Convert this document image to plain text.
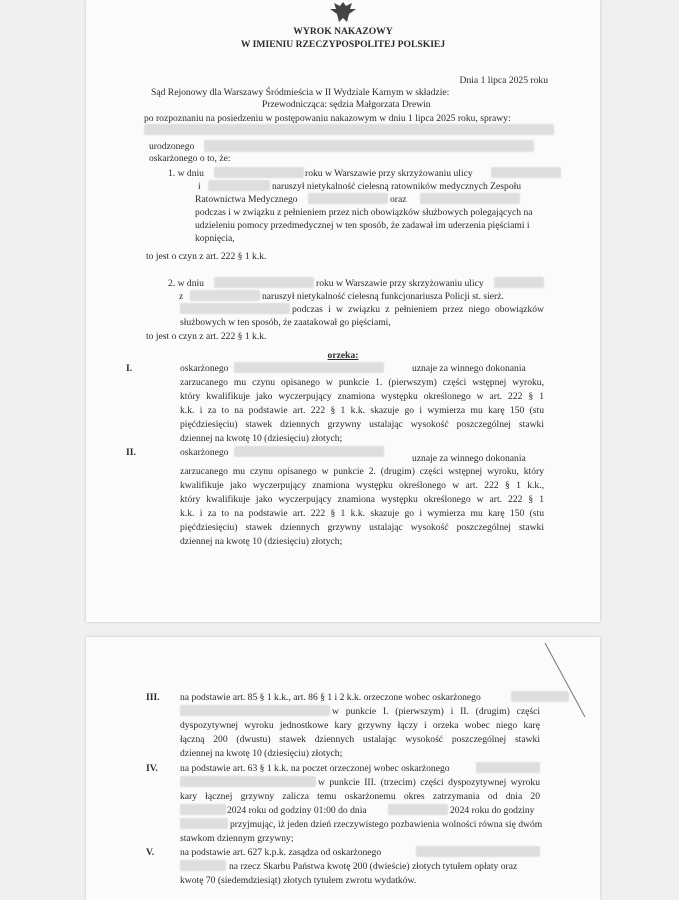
WYROK NAKAZOWY
W IMIENIU RZECZYPOSPOLITEJ POLSKIEJ
Dnia 1 lipca 2025 roku
Sąd Rejonowy dla Warszawy Śródmieścia w II Wydziale Karnym w składzie:
Przewodnicząca: sędzia Małgorzata Drewin
po rozpoznaniu na posiedzeniu w postępowaniu nakazowym w dniu 1 lipca 2025 roku, sprawy:
urodzonego
oskarżonego o to, że:
1. w dniu	roku w Warszawie przy skrzyżowaniu ulicy
i	naruszył nietykalność cielesną ratowników medycznych Zespołu
Ratownictwa Medycznego	oraz
podczas i w związku z pełnieniem przez nich obowiązków służbowych polegających na
udzieleniu pomocy przedmedycznej w ten sposób, że zadawał im uderzenia pięściami i
kopnięcia,
to jest o czyn z art. 222 § 1 k.k.
2. w dniu	roku w Warszawie przy skrzyżowaniu ulicy
z	naruszył nietykalność cielesną funkcjonariusza Policji st. sierż.
podczas i w związku z pełnieniem przez niego obowiązków
służbowych w ten sposób, że zaatakował go pięściami,
to jest o czyn z art. 222 § 1 k.k.
orzeka:
I.	oskarżonego	uznaje za winnego dokonania
zarzucanego mu czynu opisanego w punkcie 1. (pierwszym) części wstępnej wyroku,
który kwalifikuje jako wyczerpujący znamiona występku określonego w art. 222 § 1
k.k. i za to na podstawie art. 222 § 1 k.k. skazuje go i wymierza mu karę 150 (stu
pięćdziesięciu) stawek dziennych grzywny ustalając wysokość poszczególnej stawki
dziennej na kwotę 10 (dziesięciu) złotych;
II.	oskarżonego
uznaje za winnego dokonania
zarzucanego mu czynu opisanego w punkcie 2. (drugim) części wstępnej wyroku, który
kwalifikuje jako wyczerpujący znamiona występku określonego w art. 222 § 1 k.k.,
który kwalifikuje jako wyczerpujący znamiona występku określonego w art. 222 § 1
k.k. i za to na podstawie art. 222 § 1 k.k. skazuje go i wymierza mu karę 150 (stu
pięćdziesięciu) stawek dziennych grzywny ustalając wysokość poszczególnej stawki
dziennej na kwotę 10 (dziesięciu) złotych;
III. na podstawie art. 85 § 1 k.k., art. 86 § 1 i 2 k.k. orzeczone wobec oskarżonego
w punkcie I. (pierwszym) i II. (drugim) części
dyspozytywnej wyroku jednostkowe kary grzywny łączy i orzeka wobec niego karę
łączną 200 (dwustu) stawek dziennych ustalając wysokość poszczególnej stawki
dziennej na kwotę 10 (dziesięciu) złotych;
IV. na podstawie art. 63 § 1 k.k. na poczet orzeczonej wobec oskarżonego
w punkcie III. (trzecim) części dyspozytywnej wyroku
kary łącznej grzywny zalicza temu oskarżonemu okres zatrzymania od dnia 20
2024 roku od godziny 01:00 do dnia	2024 roku do godziny
przyjmując, iż jeden dzień rzeczywistego pozbawienia wolności równa się dwóm
stawkom dziennym grzywny;
V.	na podstawie art. 627 k.p.k. zasądza od oskarżonego
na rzecz Skarbu Państwa kwotę 200 (dwieście) złotych tytułem opłaty oraz
kwotę 70 (siedemdziesiąt) złotych tytułem zwrotu wydatków.
